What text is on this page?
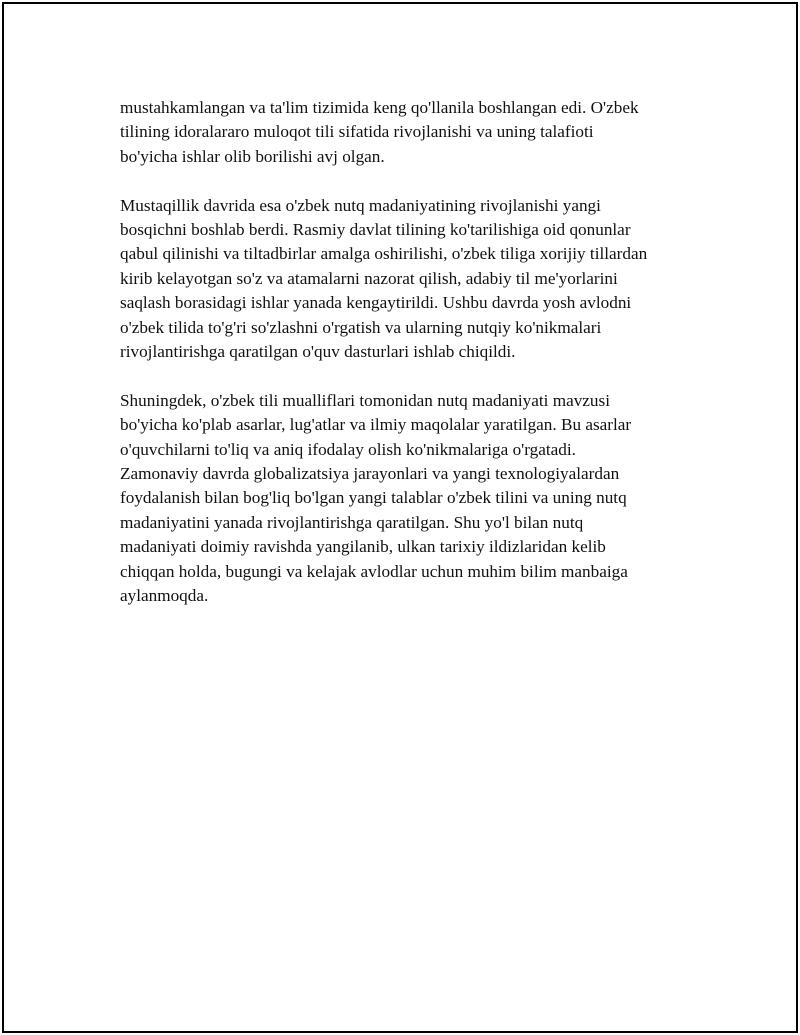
mustahkamlangan va ta'lim tizimida keng qo'llanila boshlangan edi. O'zbek
tilining idoralararo muloqot tili sifatida rivojlanishi va uning talafioti
bo'yicha ishlar olib borilishi avj olgan.

Mustaqillik davrida esa o'zbek nutq madaniyatining rivojlanishi yangi
bosqichni boshlab berdi. Rasmiy davlat tilining ko'tarilishiga oid qonunlar
qabul qilinishi va tiltadbirlar amalga oshirilishi, o'zbek tiliga xorijiy tillardan
kirib kelayotgan so'z va atamalarni nazorat qilish, adabiy til me'yorlarini
saqlash borasidagi ishlar yanada kengaytirildi. Ushbu davrda yosh avlodni
o'zbek tilida to'g'ri so'zlashni o'rgatish va ularning nutqiy ko'nikmalari
rivojlantirishga qaratilgan o'quv dasturlari ishlab chiqildi.

Shuningdek, o'zbek tili mualliflari tomonidan nutq madaniyati mavzusi
bo'yicha ko'plab asarlar, lug'atlar va ilmiy maqolalar yaratilgan. Bu asarlar
o'quvchilarni to'liq va aniq ifodalay olish ko'nikmalariga o'rgatadi.
Zamonaviy davrda globalizatsiya jarayonlari va yangi texnologiyalardan
foydalanish bilan bog'liq bo'lgan yangi talablar o'zbek tilini va uning nutq
madaniyatini yanada rivojlantirishga qaratilgan. Shu yo'l bilan nutq
madaniyati doimiy ravishda yangilanib, ulkan tarixiy ildizlaridan kelib
chiqqan holda, bugungi va kelajak avlodlar uchun muhim bilim manbaiga
aylanmoqda.
